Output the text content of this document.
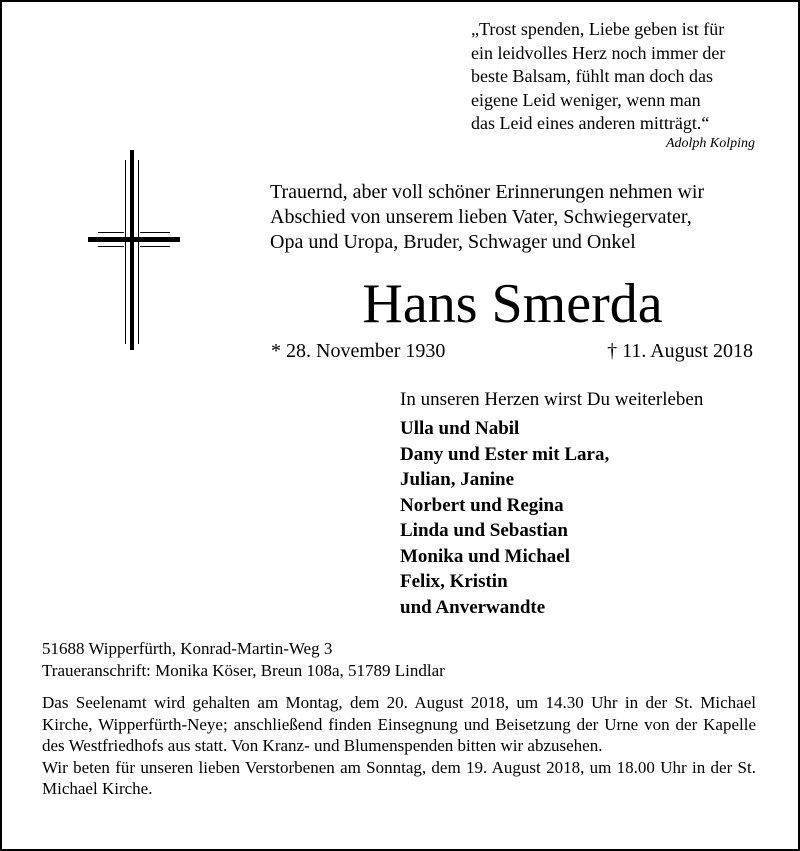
„Trost spenden, Liebe geben ist für
ein leidvolles Herz noch immer der
beste Balsam, fühlt man doch das
eigene Leid weniger, wenn man
das Leid eines anderen mitträgt.“
Adolph Kolping
Trauernd, aber voll schöner Erinnerungen nehmen wir
Abschied von unserem lieben Vater, Schwiegervater,
Opa und Uropa, Bruder, Schwager und Onkel
Hans Smerda
* 28. November 1930	† 11. August 2018
In unseren Herzen wirst Du weiterleben
Ulla und Nabil
Dany und Ester mit Lara,
Julian, Janine
Norbert und Regina
Linda und Sebastian
Monika und Michael
Felix, Kristin
und Anverwandte
51688 Wipperfürth, Konrad-Martin-Weg 3
Traueranschrift: Monika Köser, Breun 108a, 51789 Lindlar

Das Seelenamt wird gehalten am Montag, dem 20. August 2018, um 14.30 Uhr in der St. Michael Kirche, Wipperfürth-Neye; anschließend finden Einsegnung und Beisetzung der Urne von der Kapelle des Westfriedhofs aus statt. Von Kranz- und Blumenspenden bitten wir abzusehen.

Wir beten für unseren lieben Verstorbenen am Sonntag, dem 19. August 2018, um 18.00 Uhr in der St. Michael Kirche.
